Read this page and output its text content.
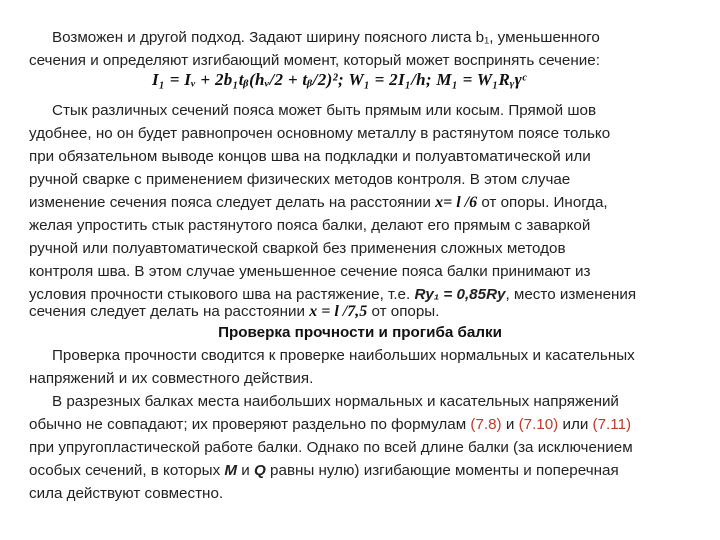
Возможен и другой подход. Задают ширину поясного листа b₁, уменьшенного
сечения и определяют изгибающий момент, который может воспринять сечение:
I₁ = Iᵥ + 2b₁tᵦ(hᵥ/2 + tᵦ/2)²; W₁ = 2I₁/h; M₁ = W₁Rᵧγᶜ
Стык различных сечений пояса может быть прямым или косым. Прямой шов
удобнее, но он будет равнопрочен основному металлу в растянутом поясе только
при обязательном выводе концов шва на подкладки и полуавтоматической или
ручной сварке с применением физических методов контроля. В этом случае
изменение сечения пояса следует делать на расстоянии x= l /6 от опоры. Иногда,
желая упростить стык растянутого пояса балки, делают его прямым с заваркой
ручной или полуавтоматической сваркой без применения сложных методов
контроля шва. В этом случае уменьшенное сечение пояса балки принимают из
условия прочности стыкового шва на растяжение, т.е. Ry₁ = 0,85Ry, место изменения
сечения следует делать на расстоянии x = l /7,5 от опоры.
Проверка прочности и прогиба балки
Проверка прочности сводится к проверке наибольших нормальных и касательных
напряжений и их совместного действия.
В разрезных балках места наибольших нормальных и касательных напряжений
обычно не совпадают; их проверяют раздельно по формулам (7.8) и (7.10) или (7.11)
при упругопластической работе балки. Однако по всей длине балки (за исключением
особых сечений, в которых M и Q равны нулю) изгибающие моменты и поперечная
сила действуют совместно.
